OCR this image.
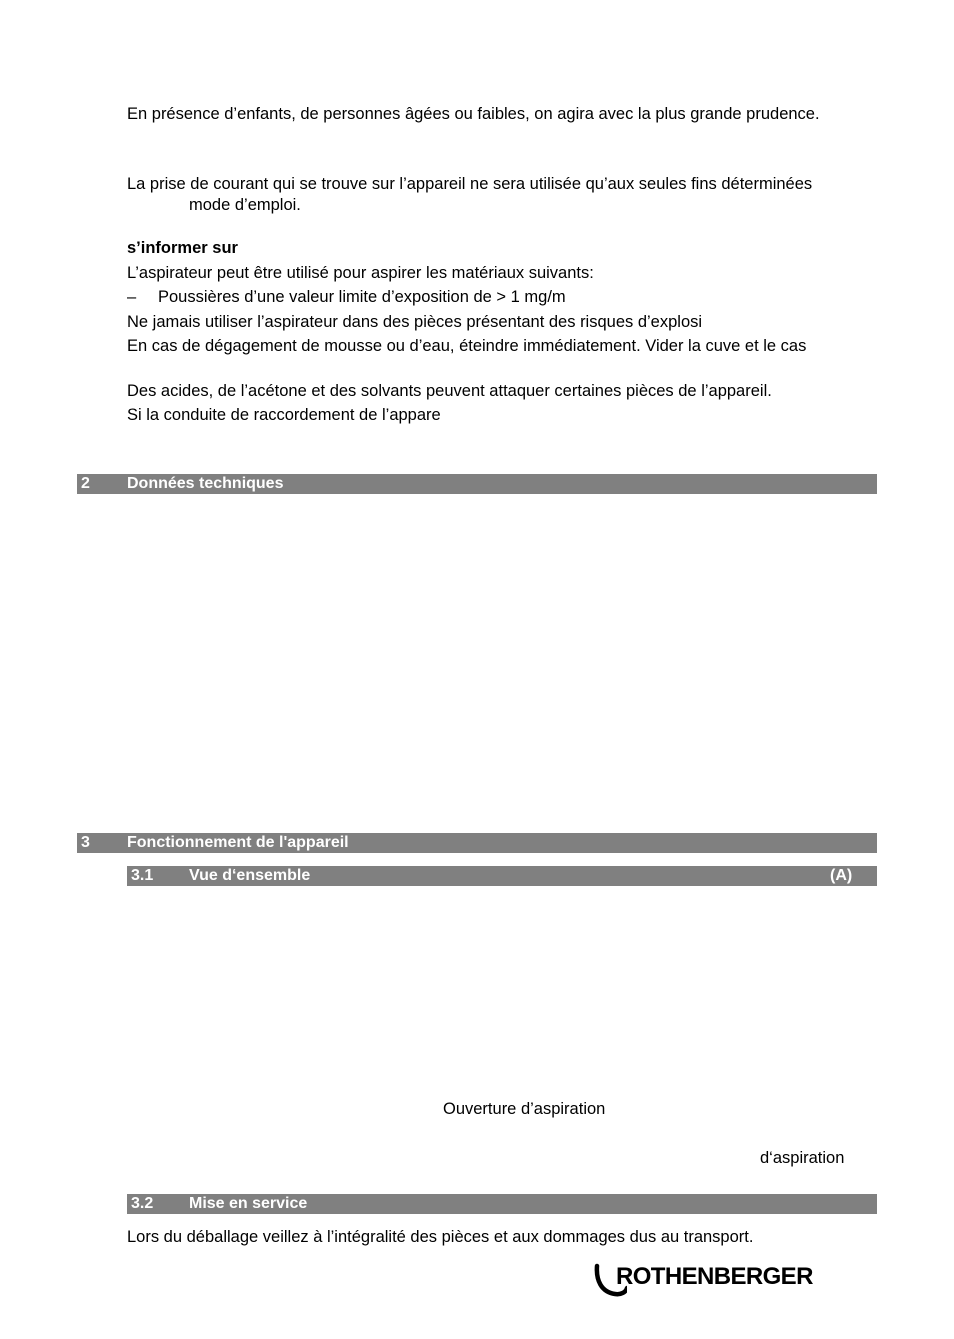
En présence d’enfants, de personnes âgées ou faibles, on agira avec la plus grande prudence.
La prise de courant qui se trouve sur l’appareil ne sera utilisée qu’aux seules fins déterminées
mode d’emploi.
s’informer sur
L’aspirateur peut être utilisé pour aspirer les matériaux suivants:
– Poussières d’une valeur limite d’exposition de > 1 mg/m
Ne jamais utiliser l’aspirateur dans des pièces présentant des risques d’explosi
En cas de dégagement de mousse ou d’eau, éteindre immédiatement. Vider la cuve et le cas
Des acides, de l’acétone et des solvants peuvent attaquer certaines pièces de l’appareil.
Si la conduite de raccordement de l’appare
2 Données techniques
3 Fonctionnement de l'appareil
3.1 Vue d‘ensemble	(A)
Ouverture d’aspiration
d‘aspiration
3.2 Mise en service
Lors du déballage veillez à l’intégralité des pièces et aux dommages dus au transport.
ROTHENBERGER
